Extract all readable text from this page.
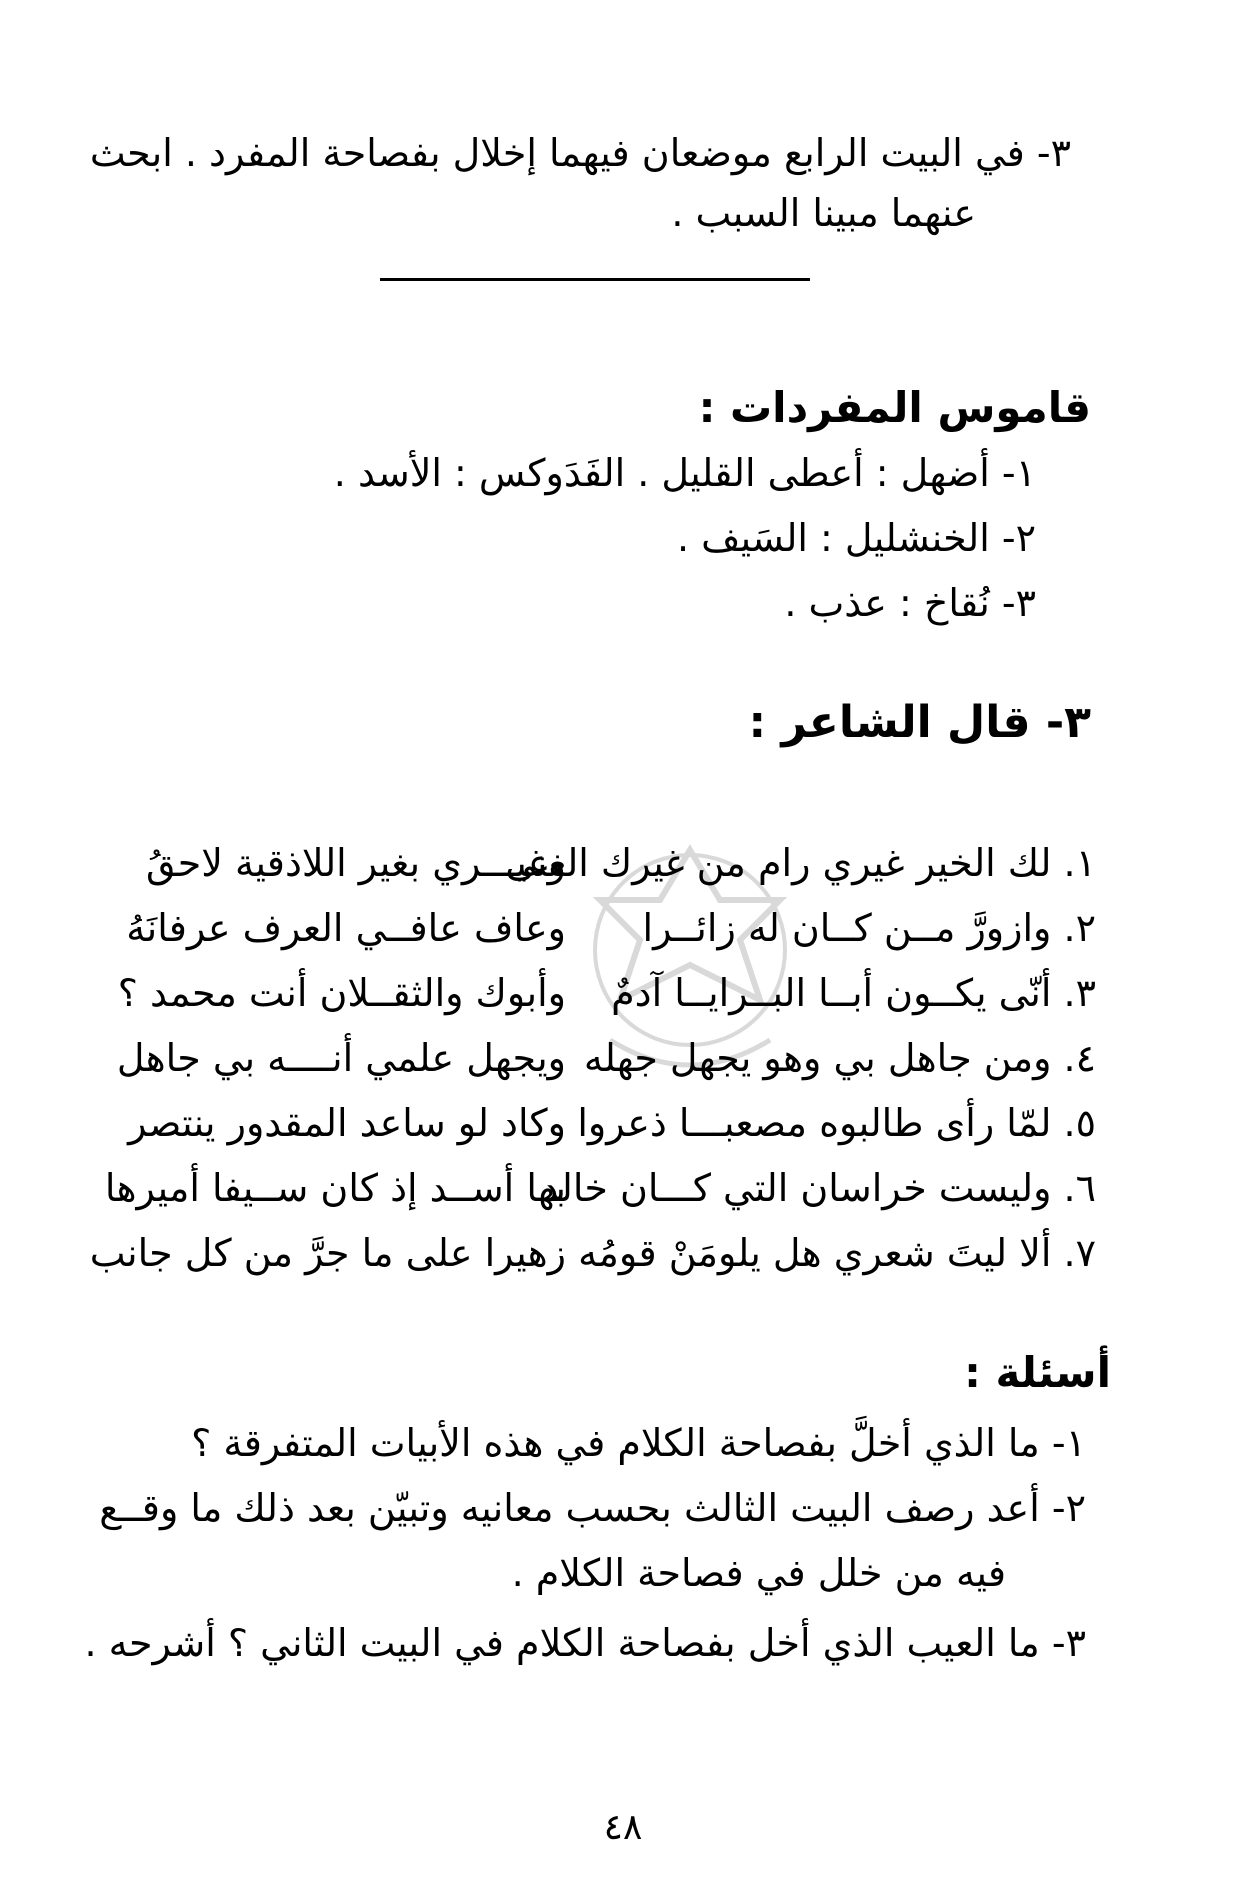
٣- في البيت الرابع موضعان فيهما إخلال بفصاحة المفرد . ابحث
عنهما مبينا السبب .
قاموس المفردات :
١- أضهل : أعطى القليل . الفَدَوكس : الأسد .
٢- الخنشليل : السَيف .
٣- نُقاخ : عذب .
٣- قال الشاعر :
١. لك الخير غيري رام من غيرك الغنى
وغيـــري بغير اللاذقية لاحقُ
٢. وازورَّ مــن كــان له زائــرا
وعاف عافــي العرف عرفانَهُ
٣. أنّى يكــون أبــا البــرايــا آدمٌ
وأبوك والثقــلان أنت محمد ؟
٤. ومن جاهل بي وهو يجهل جهله
ويجهل علمي أنــــه بي جاهل
٥. لمّا رأى طالبوه مصعبـــا ذعروا
وكاد لو ساعد المقدور ينتصر
٦. وليست خراسان التي كـــان خالد
بها أســد إذ كان ســيفا أميرها
٧. ألا ليتَ شعري هل يلومَنْ قومُه
زهيرا على ما جرَّ من كل جانب
أسئلة :
١- ما الذي أخلَّ بفصاحة الكلام في هذه الأبيات المتفرقة ؟
٢- أعد رصف البيت الثالث بحسب معانيه وتبيّن بعد ذلك ما وقــع
فيه من خلل في فصاحة الكلام .
٣- ما العيب الذي أخل بفصاحة الكلام في البيت الثاني ؟ أشرحه .
٤٨
